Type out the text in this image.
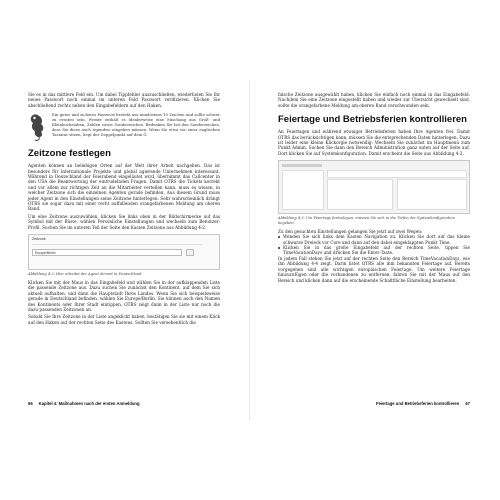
Sie es in das mittlere Feld ein. Um dabei Tippfehler auszuschließen, wiederholen Sie Ihr neues Passwort noch einmal im unteren Feld Passwort verifizieren. Klicken Sie abschließend rechts neben den Eingabefeldern auf den Haken.

Ein gutes und sicheres Passwort besteht aus mindestens 10 Zeichen und sollte schwer zu erraten sein. Ferner enthält es idealerweise eine Mischung aus Groß- und Kleinbuchstaben, Zahlen sowie Sonderzeichen. Bedenken Sie bei den Sonderzeichen, dass Sie diese auch irgendwo eingeben müssen. Wenn Sie etwa vor einer englischen Tastatur sitzen, liegt der Doppelpunkt auf dem Ö.
Zeitzone festlegen

Agenten können an beliebigen Orten auf der Welt ihrer Arbeit nachgehen. Das ist besonders für internationale Projekte und global agierende Unternehmen interessant. Während in Deutschland der Feierabend eingeläutet wird, übernimmt das Callcenter in den USA die Beantwortung der eintrudelnden Fragen. Damit OTRS die Tickets korrekt und vor allem zur richtigen Zeit an die Mitarbeiter verteilen kann, muss es wissen, in welcher Zeitzone sich die einzelnen Agenten gerade befinden. Aus diesem Grund muss jeder Agent in den Einstellungen seine Zeitzone hinterlegen. Sehr wahrscheinlich drängt OTRS sie sogar dazu mit einer recht auffallenden orangefarbenen Meldung am oberen Rand.

Um eine Zeitzone auszuwählen, klicken Sie links oben in der Bildschirmecke auf das Symbol mit der Büste, wählen Persönliche Einstellungen und wechseln zum Benutzer-Profil. Suchen Sie im unteren Teil der Seite den Kasten Zeitzone aus Abbildung 4-2.

Zeitzone
Europe/Berlin
Abbildung 4-2: Hier arbeitet der Agent derzeit in Deutschland.

Klicken Sie mit der Maus in das Eingabefeld und wählen Sie in der aufklappenden Liste die passende Zeitzone aus. Dazu suchen Sie zunächst den Kontinent, auf dem Sie sich aktuell aufhalten, und dann die Hauptstadt Ihres Landes. Wenn Sie sich beispielsweise gerade in Deutschland befinden, wählen Sie Europe/Berlin. Sie können auch den Namen des Kontinents oder Ihrer Stadt eintippen, OTRS zeigt dann in der Liste nur noch die dazu passenden Zeitzonen an.

Sobald Sie Ihre Zeitzone in der Liste angeklickt haben, bestätigen Sie sie mit einem Klick auf den Haken auf der rechten Seite des Kastens. Sollten Sie versehentlich die

falsche Zeitzone ausgewählt haben, klicken Sie einfach noch einmal in das Eingabefeld. Nachdem Sie eine Zeitzone eingestellt haben und wieder zur Übersicht gewechselt sind, sollte die orangefarbene Meldung am oberen Rand verschwunden sein.

Feiertage und Betriebsferien kontrollieren

An Feiertagen und während etwaiger Betriebsferien haben Ihre Agenten frei. Damit OTRS das berücksichtigen kann, müssen Sie die entsprechenden Daten hinterlegen. Dazu ist leider eine kleine Klickorgie notwendig: Wechseln Sie zunächst im Hauptmenü zum Punkt Admin. Suchen Sie dann den Bereich Administration ganz unten auf der Seite auf. Dort klicken Sie auf Systemkonfiguration. Damit erscheint die Seite aus Abbildung 4-3.

Abbildung 4-3: Um Feiertage festzulegen, müssen Sie sich in die Tiefen der Systemkonfiguration begeben.

Zu den gesuchten Einstellungen gelangen Sie jetzt auf zwei Wegen:

Wenden Sie sich links dem Kasten Navigation zu. Klicken Sie dort auf das kleine schwarze Dreieck vor Core und dann auf den dabei eingeklappten Punkt Time.

Klicken Sie in das große Eingabefeld auf der rechten Seite, tippen Sie TimeVacationDays und drücken Sie die Enter-Taste.

In jedem Fall stehen Sie jetzt auf der rechten Seite den Bereich TimeVacationDays, wie ihn Abbildung 4-4 zeigt. Darin listet OTRS alle ihm bekannten Feiertage auf. Bereits vorgegeben sind alle wichtigen europäischen Feiertage. Um weitere Feiertage hinzuzufügen oder die vorhandenen zu entfernen, fahren Sie mit der Maus auf den Bereich und klicken dann auf die erscheinende Schaltfläche Einstellung bearbeiten.

66 Kapitel 4: Maßnahmen nach der ersten Anmeldung	Feiertage und Betriebsferien kontrollieren 67
